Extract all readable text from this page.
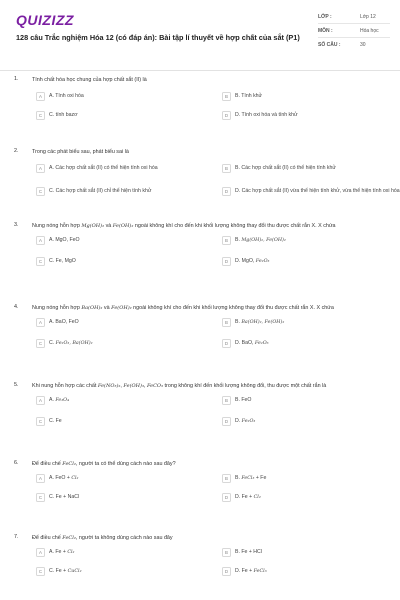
QUIZIZZ
128 câu Trắc nghiệm Hóa 12 (có đáp án): Bài tập lí thuyết về hợp chất của sắt (P1)
LỚP :	Lớp 12
MÔN :	Hóa học
SỐ CÂU :	30
1.	Tính chất hóa học chung của hợp chất sắt (II) là
A	A. Tính oxi hóa	B	B. Tính khử
C	C. tính bazơ	D	D. Tính oxi hóa và tính khử
2.	Trong các phát biểu sau, phát biểu sai là
A	A. Các hợp chất sắt (II) có thể hiện tính oxi hóa	B	B. Các hợp chất sắt (II) có thể hiện tính khử
C	C. Các hợp chất sắt (II) chỉ thể hiện tính khử	D	D. Các hợp chất sắt (II) vừa thể hiện tính khử, vừa thể hiện tính oxi hóa
3.	Nung nóng hỗn hợp Mg(OH)₂ và Fe(OH)₂ ngoài không khí cho đến khi khối lượng không thay đổi thu được chất rắn X. X chứa
A	A. MgO, FeO	B	B. Mg(OH)₂, Fe(OH)₂
C	C. Fe, MgO	D	D. MgO, Fe₂O₃
4.	Nung nóng hỗn hợp Ba(OH)₂ và Fe(OH)₂ ngoài không khí cho đến khi khối lượng không thay đổi thu được chất rắn X. X chứa
A	A. BaO, FeO	B	B. Ba(OH)₂, Fe(OH)₂
C	C. Fe₂O₃, Ba(OH)₂	D	D. BaO, Fe₂O₃
5.	Khi nung hỗn hợp các chất Fe(NO₃)₂, Fe(OH)₃, FeCO₃ trong không khí đến khối lượng không đổi, thu được một chất rắn là
A	A. Fe₃O₄	B	B. FeO
C	C. Fe	D	D. Fe₂O₃
6.	Để điều chế FeCl₂, người ta có thể dùng cách nào sau đây?
A	A. FeO + Cl₂	B	B. FeCl₃ + Fe
C	C. Fe + NaCl	D	D. Fe + Cl₂
7.	Để điều chế FeCl₂, người ta không dùng cách nào sau đây
A	A. Fe + Cl₂	B	B. Fe + HCl
C	C. Fe + CuCl₂	D	D. Fe + FeCl₃
